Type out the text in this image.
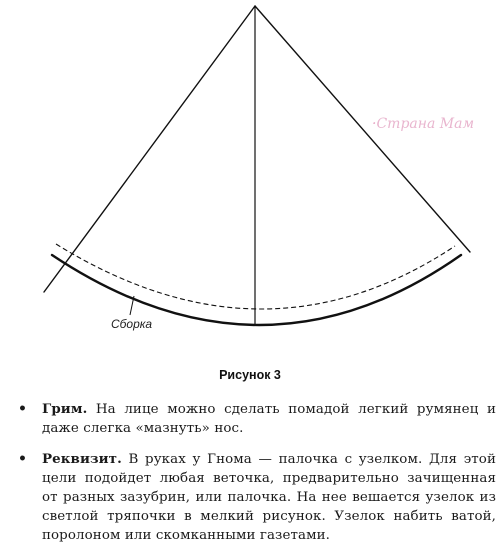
Сборка
·Страна Мам
Рисунок 3
• Грим. На лице можно сделать помадой легкий румянец и даже слегка «мазнуть» нос.
• Реквизит. В руках у Гнома — палочка с узелком. Для этой цели подойдет любая веточка, предварительно зачищенная от разных зазубрин, или палочка. На нее вешается узелок из светлой тряпочки в мелкий рисунок. Узелок набить ватой, поролоном или скомканными газетами.
